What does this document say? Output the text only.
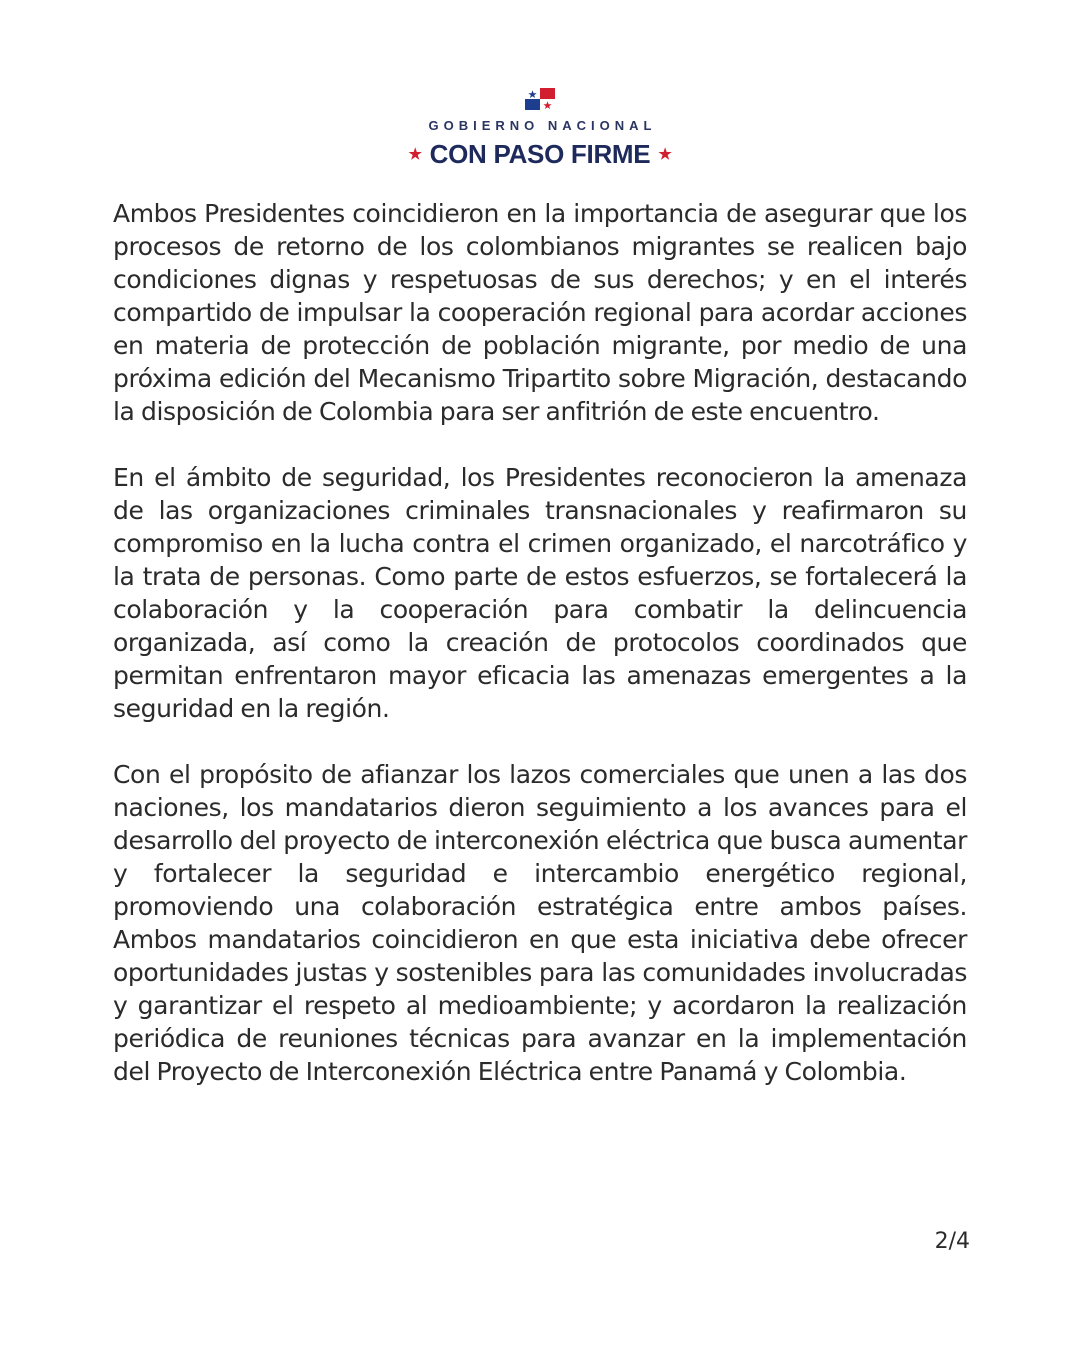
GOBIERNO NACIONAL
★ CON PASO FIRME ★

Ambos Presidentes coincidieron en la importancia de asegurar que los procesos de retorno de los colombianos migrantes se realicen bajo condiciones dignas y respetuosas de sus derechos; y en el interés compartido de impulsar la cooperación regional para acordar acciones en materia de protección de población migrante, por medio de una próxima edición del Mecanismo Tripartito sobre Migración, destacando la disposición de Colombia para ser anfitrión de este encuentro.

En el ámbito de seguridad, los Presidentes reconocieron la amenaza de las organizaciones criminales transnacionales y reafirmaron su compromiso en la lucha contra el crimen organizado, el narcotráfico y la trata de personas. Como parte de estos esfuerzos, se fortalecerá la colaboración y la cooperación para combatir la delincuencia organizada, así como la creación de protocolos coordinados que permitan enfrentaron mayor eficacia las amenazas emergentes a la seguridad en la región.

Con el propósito de afianzar los lazos comerciales que unen a las dos naciones, los mandatarios dieron seguimiento a los avances para el desarrollo del proyecto de interconexión eléctrica que busca aumentar y fortalecer la seguridad e intercambio energético regional, promoviendo una colaboración estratégica entre ambos países. Ambos mandatarios coincidieron en que esta iniciativa debe ofrecer oportunidades justas y sostenibles para las comunidades involucradas y garantizar el respeto al medioambiente; y acordaron la realización periódica de reuniones técnicas para avanzar en la implementación del Proyecto de Interconexión Eléctrica entre Panamá y Colombia.

2/4
